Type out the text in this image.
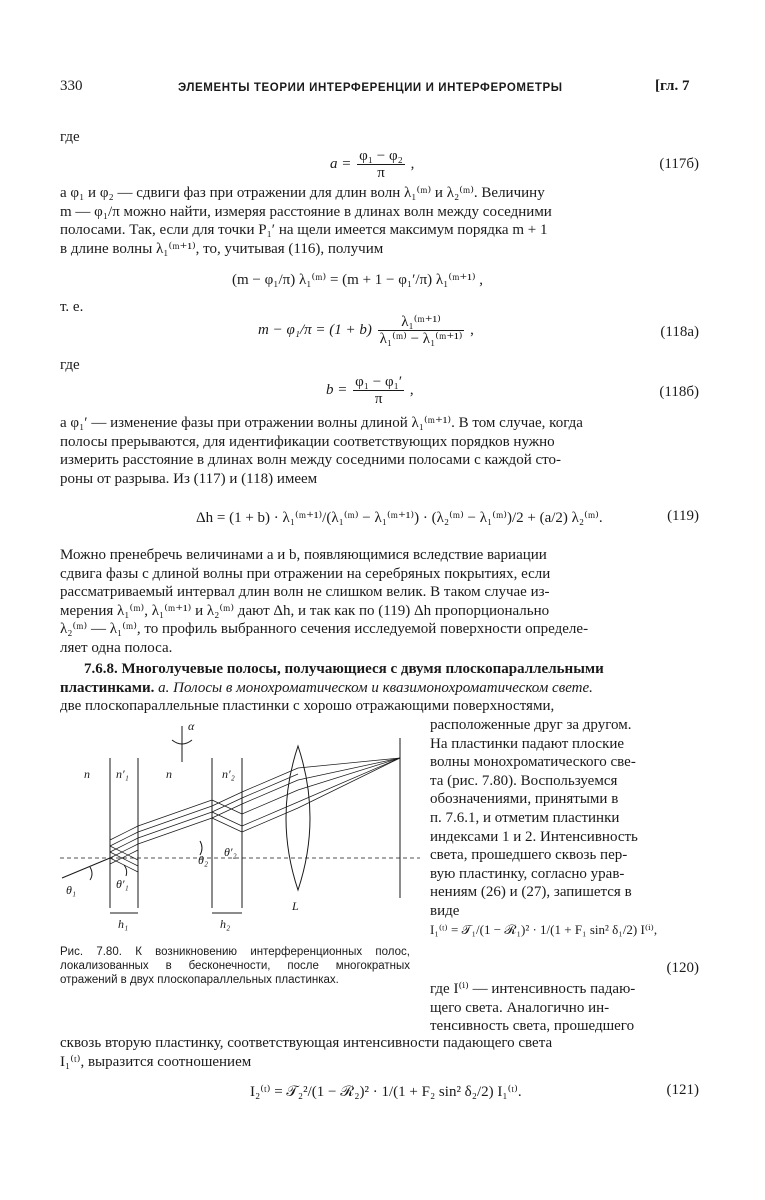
330	ЭЛЕМЕНТЫ ТЕОРИИ ИНТЕРФЕРЕНЦИИ И ИНТЕРФЕРОМЕТРЫ	[гл. 7
где
$a = \frac{\text{φ₁ − φ₂}}{\pi}$ ,	(117б)
а φ₁ и φ₂ — сдвиги фаз при отражении для длин волн λ₁⁽ᵐ⁾ и λ₂⁽ᵐ⁾. Величину
m — φ₁/π можно найти, измеряя расстояние в длинах волн между соседними
полосами. Так, если для точки P₁′ на щели имеется максимум порядка m + 1
в длине волны λ₁⁽ᵐ⁺¹⁾, то, учитывая (116), получим
(m − φ₁/π) λ₁⁽ᵐ⁾ = (m + 1 − φ₁′/π) λ₁⁽ᵐ⁺¹⁾ ,
т. е.
$m - \varphi_1/\pi = (1 + b) \frac{\text{λ₁⁽ᵐ⁺¹⁾}}{\text{λ₁⁽ᵐ⁾ − λ₁⁽ᵐ⁺¹⁾}}$ ,	(118а)
где
$b = \frac{\text{φ₁ − φ₁′}}{\pi}$ ,	(118б)
а φ₁′ — изменение фазы при отражении волны длиной λ₁⁽ᵐ⁺¹⁾. В том случае, когда
полосы прерываются, для идентификации соответствующих порядков нужно
измерить расстояние в длинах волн между соседними полосами с каждой сто-
роны от разрыва. Из (117) и (118) имеем
Δh = (1 + b) · λ₁⁽ᵐ⁺¹⁾/(λ₁⁽ᵐ⁾ − λ₁⁽ᵐ⁺¹⁾) · (λ₂⁽ᵐ⁾ − λ₁⁽ᵐ⁾)/2 + (a/2) λ₂⁽ᵐ⁾.	(119)
Можно пренебречь величинами a и b, появляющимися вследствие вариации
сдвига фазы с длиной волны при отражении на серебряных покрытиях, если
рассматриваемый интервал длин волн не слишком велик. В таком случае из-
мерения λ₁⁽ᵐ⁾, λ₁⁽ᵐ⁺¹⁾ и λ₂⁽ᵐ⁾ дают Δh, и так как по (119) Δh пропорционально
λ₂⁽ᵐ⁾ — λ₁⁽ᵐ⁾, то профиль выбранного сечения исследуемой поверхности определе-
ляет одна полоса.
7.6.8. Многолучевые полосы, получающиеся с двумя плоскопараллельными
пластинками. а. Полосы в монохроматическом и квазимонохроматическом свете.
две плоскопараллельные пластинки с хорошо отражающими поверхностями,
расположенные друг за другом.
На пластинки падают плоские
волны монохроматического све-
та (рис. 7.80). Воспользуемся
обозначениями, принятыми в
п. 7.6.1, и отметим пластинки
индексами 1 и 2. Интенсивность
света, прошедшего сквозь пер-
вую пластинку, согласно урав-
нениям (26) и (27), запишется в
виде
I₁⁽ᵗ⁾ = 𝒯₁/(1 − ℛ₁)² · 1/(1 + F₁ sin² δ₁/2) I⁽ⁱ⁾,
(120)
где I⁽ⁱ⁾ — интенсивность падаю-
щего света. Аналогично ин-
тенсивность света, прошедшего
сквозь вторую пластинку, соответствующая интенсивности падающего света
I₁⁽ᵗ⁾, выразится соотношением
I₂⁽ᵗ⁾ = 𝒯₂²/(1 − ℛ₂)² · 1/(1 + F₂ sin² δ₂/2) I₁⁽ᵗ⁾.	(121)
n n′₁	n	n′₂
α
θ₁	θ′₁
θ₂
θ′₂
h₁	h₂
L
Рис. 7.80. К возникновению интерференционных полос, локализованных в бесконечности, после многократных отражений в двух плоскопараллельных пластинках.
